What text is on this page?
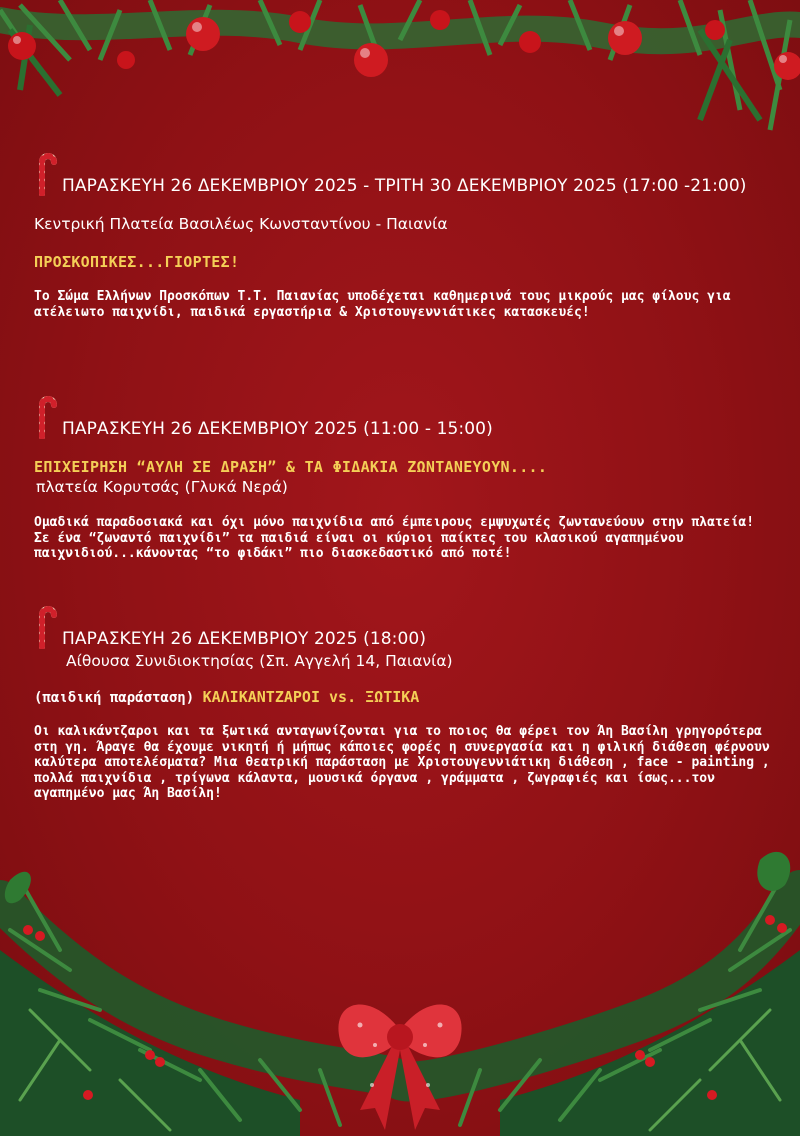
ΠΑΡΑΣΚΕΥΗ 26 ΔΕΚΕΜΒΡΙΟΥ 2025 - ΤΡΙΤΗ 30 ΔΕΚΕΜΒΡΙΟΥ 2025 (17:00 -21:00)
Κεντρική Πλατεία Βασιλέως Κωνσταντίνου - Παιανία
ΠΡΟΣΚΟΠΙΚΕΣ...ΓΙΟΡΤΕΣ!
Το Σώμα Ελλήνων Προσκόπων Τ.Τ. Παιανίας υποδέχεται καθημερινά τους μικρούς μας φίλους για ατέλειωτο παιχνίδι, παιδικά εργαστήρια & Χριστουγεννιάτικες κατασκευές!
ΠΑΡΑΣΚΕΥΗ 26 ΔΕΚΕΜΒΡΙΟΥ 2025 (11:00 - 15:00)
ΕΠΙΧΕΙΡΗΣΗ “ΑΥΛΗ ΣΕ ΔΡΑΣΗ” & ΤΑ ΦΙΔΑΚΙΑ ΖΩΝΤΑΝΕΥΟΥΝ....
πλατεία Κορυτσάς (Γλυκά Νερά)
Ομαδικά παραδοσιακά και όχι μόνο παιχνίδια από έμπειρους εμψυχωτές ζωντανεύουν στην πλατεία! Σε ένα “ζωναντό παιχνίδι” τα παιδιά είναι οι κύριοι παίκτες του κλασικού αγαπημένου παιχνιδιού...κάνοντας “το φιδάκι” πιο διασκεδαστικό από ποτέ!
ΠΑΡΑΣΚΕΥΗ 26 ΔΕΚΕΜΒΡΙΟΥ 2025 (18:00)
Αίθουσα Συνιδιοκτησίας (Σπ. Αγγελή 14, Παιανία)
(παιδική παράσταση) ΚΑΛΙΚΑΝΤΖΑΡΟΙ vs. ΞΩΤΙΚΑ
Οι καλικάντζαροι και τα ξωτικά ανταγωνίζονται για το ποιος θα φέρει τον Άη Βασίλη γρηγορότερα στη γη. Άραγε θα έχουμε νικητή ή μήπως κάποιες φορές η συνεργασία και η φιλική διάθεση φέρνουν καλύτερα αποτελέσματα? Μια θεατρική παράσταση με Χριστουγεννιάτικη διάθεση , face - painting , πολλά παιχνίδια , τρίγωνα κάλαντα, μουσικά όργανα , γράμματα , ζωγραφιές και ίσως...τον αγαπημένο μας Άη Βασίλη!
